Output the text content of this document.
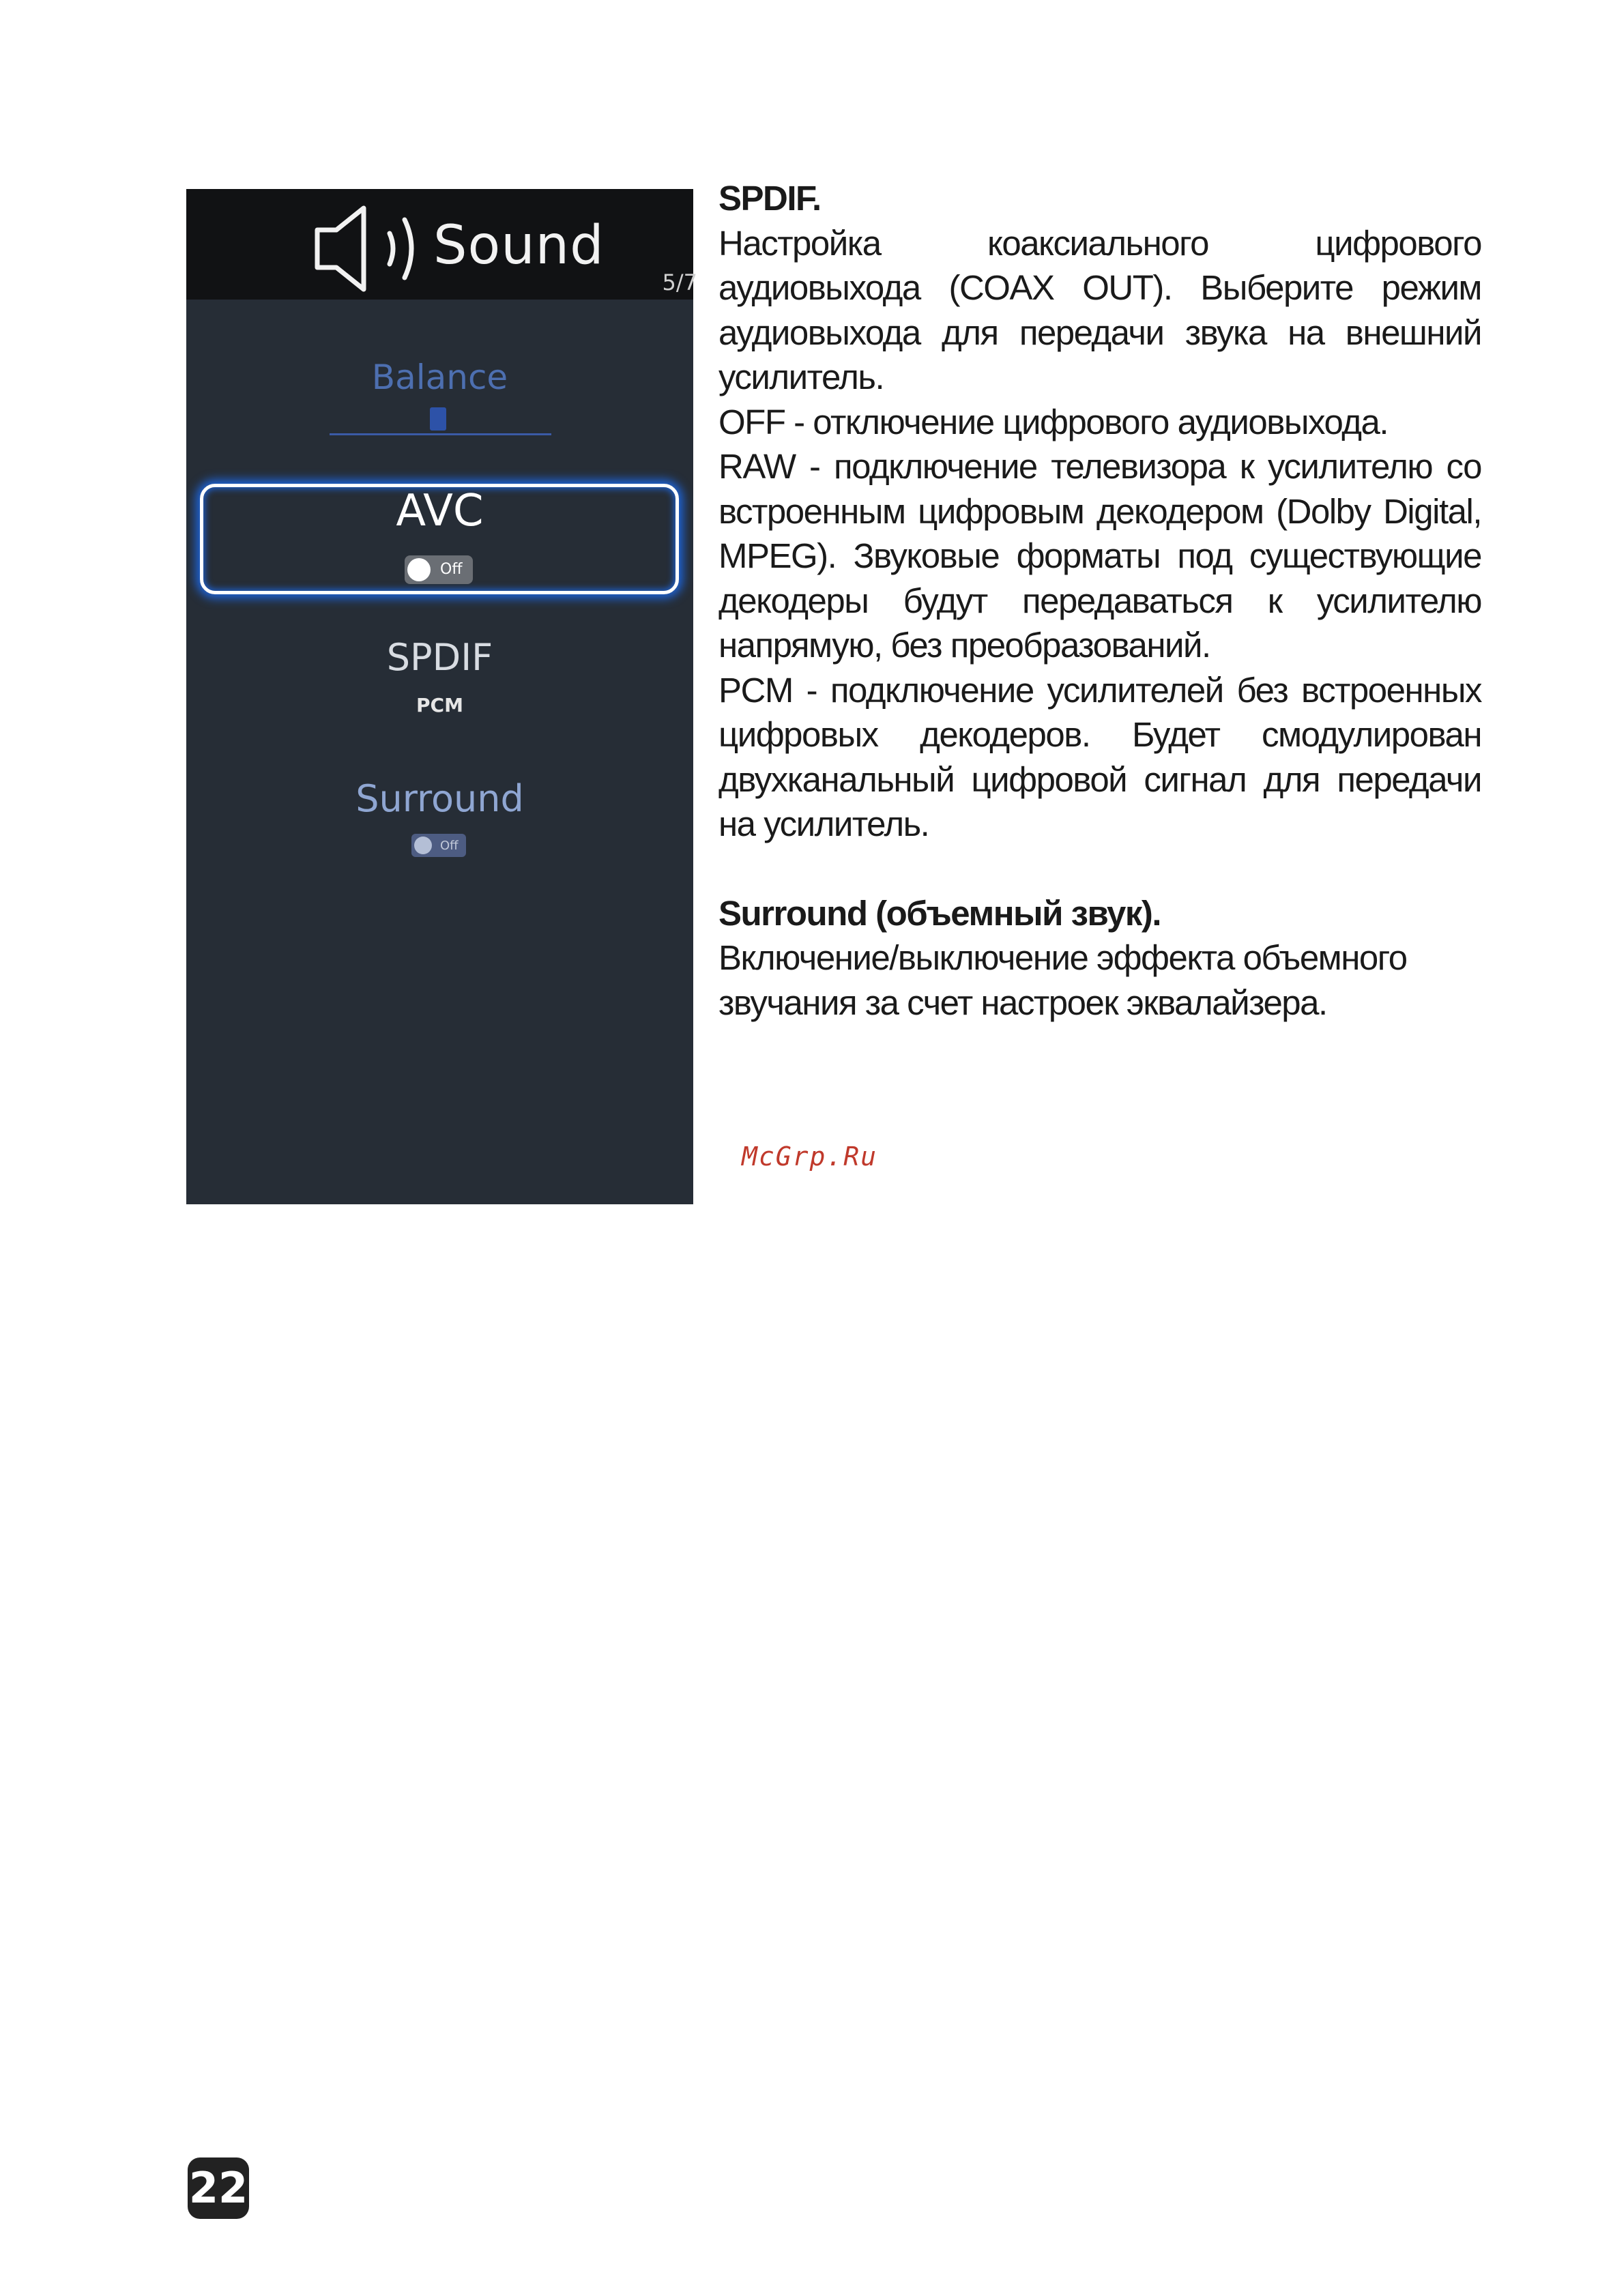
Sound
5/7
Balance
AVC
Off
SPDIF
PCM
Surround
Off

SPDIF.

Настройка коаксиального цифрового аудиовыхода (COAX OUT). Выберите режим аудиовыхода для передачи звука на внешний усилитель.

OFF - отключение цифрового аудиовыхода.

RAW - подключение телевизора к усилителю со встроенным цифровым декодером (Dolby Digital, MPEG). Звуковые форматы под существующие декодеры будут передаваться к усилителю напрямую, без преобразований.

PCM - подключение усилителей без встроенных цифровых декодеров. Будет смодулирован двухканальный цифровой сигнал для передачи на усилитель.

Surround (объемный звук).

Включение/выключение эффекта объемного звучания за счет настроек эквалайзера.

McGrp.Ru
22
